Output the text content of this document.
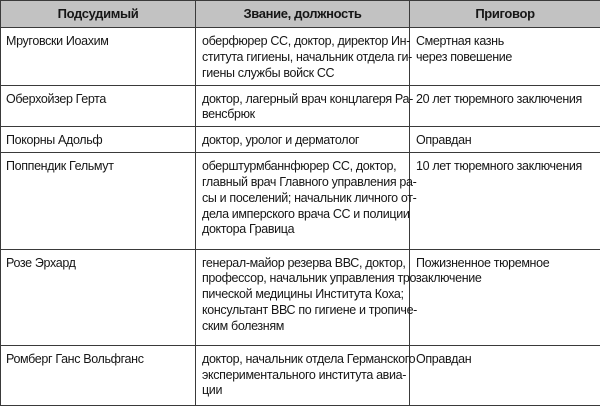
Подсудимый	Звание, должность	Приговор

Мруговски Иоахим	оберфюрер СС, доктор, директор Ин-
ститута гигиены, начальник отдела ги-
гиены службы войск СС	Смертная казнь
через повешение

Оберхойзер Герта	доктор, лагерный врач концлагеря Ра-
венсбрюк	20 лет тюремного заключения

Покорны Адольф	доктор, уролог и дерматолог	Оправдан

Поппендик Гельмут	оберштурмбаннфюрер СС, доктор,
главный врач Главного управления ра-
сы и поселений; начальник личного от-
дела имперского врача СС и полиции
доктора Гравица	10 лет тюремного заключения

Розе Эрхард	генерал-майор резерва ВВС, доктор,
профессор, начальник управления тро-
пической медицины Института Коха;
консультант ВВС по гигиене и тропиче-
ским болезням	Пожизненное тюремное
заключение

Ромберг Ганс Вольфганс	доктор, начальник отдела Германского
экспериментального института авиа-
ции	Оправдан
